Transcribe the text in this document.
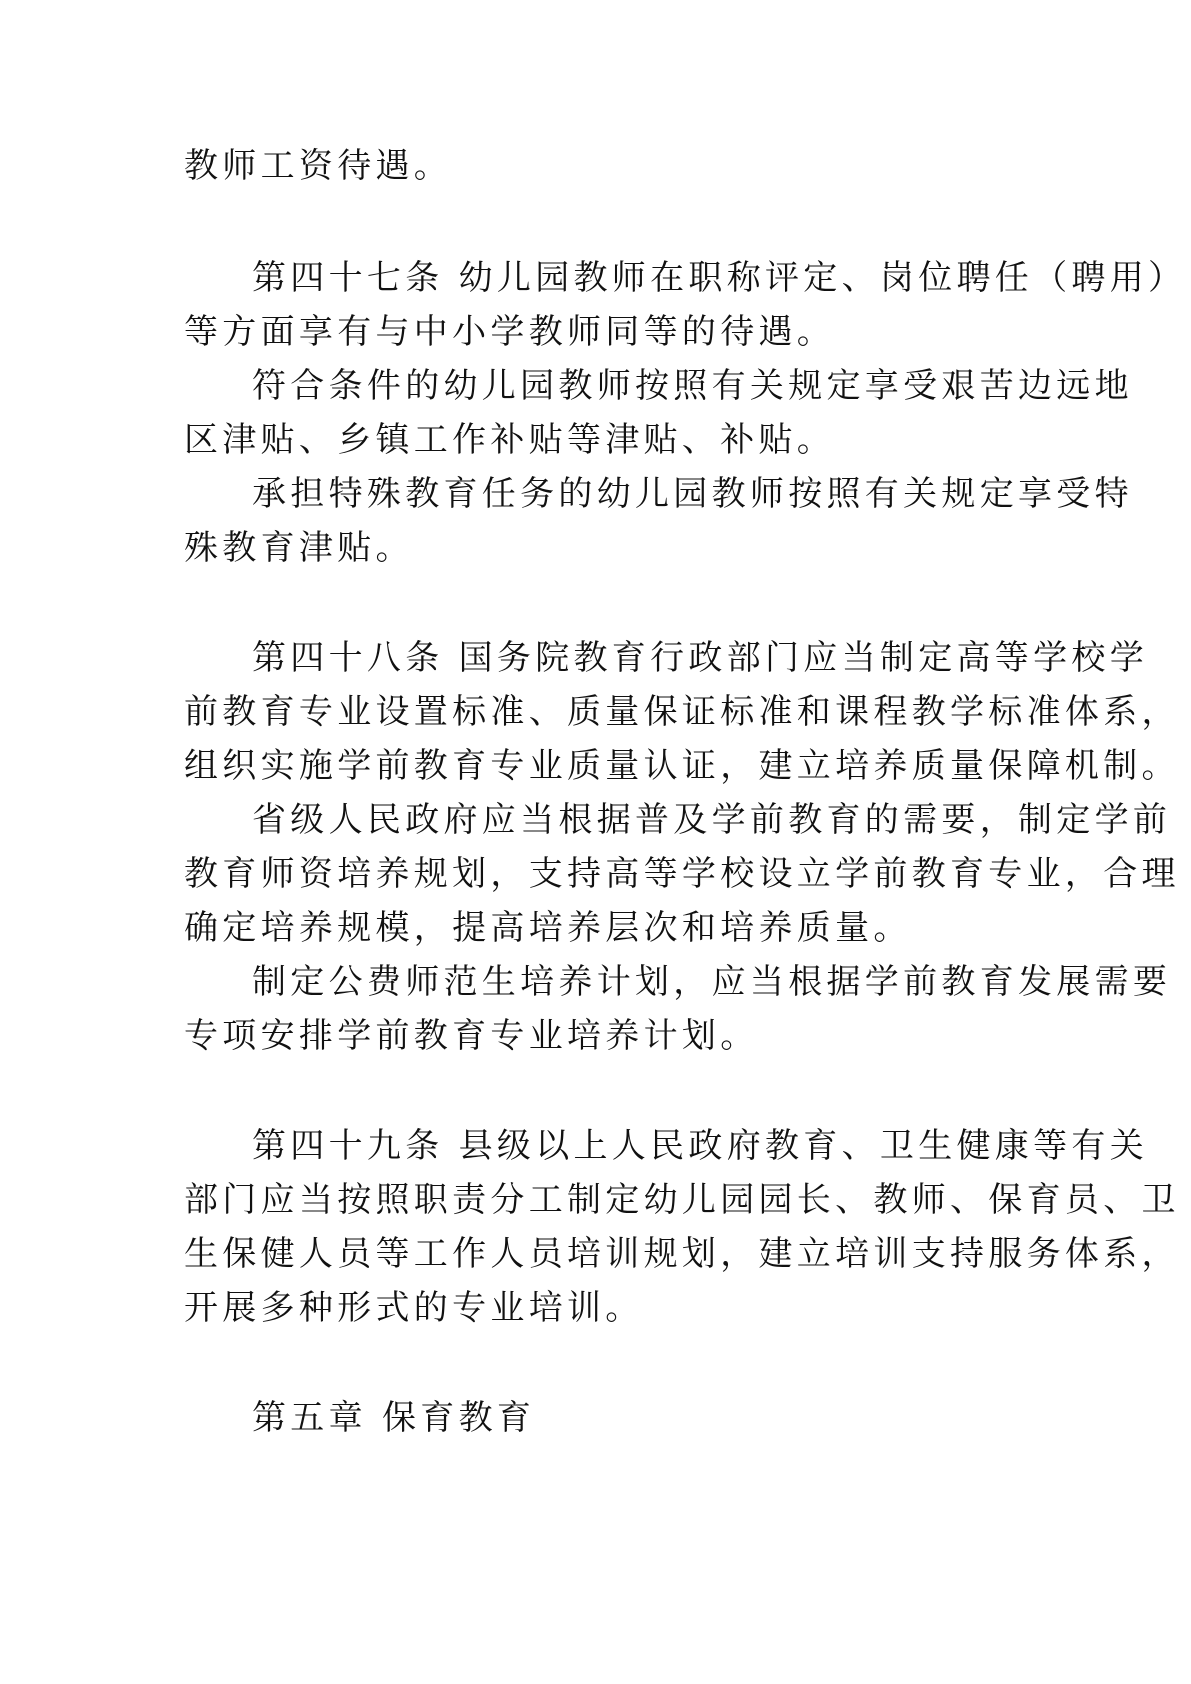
教师工资待遇。
第四十七条 幼儿园教师在职称评定、岗位聘任（聘用）
等方面享有与中小学教师同等的待遇。
符合条件的幼儿园教师按照有关规定享受艰苦边远地
区津贴、乡镇工作补贴等津贴、补贴。
承担特殊教育任务的幼儿园教师按照有关规定享受特
殊教育津贴。
第四十八条 国务院教育行政部门应当制定高等学校学
前教育专业设置标准、质量保证标准和课程教学标准体系，
组织实施学前教育专业质量认证，建立培养质量保障机制。
省级人民政府应当根据普及学前教育的需要，制定学前
教育师资培养规划，支持高等学校设立学前教育专业，合理
确定培养规模，提高培养层次和培养质量。
制定公费师范生培养计划，应当根据学前教育发展需要
专项安排学前教育专业培养计划。
第四十九条 县级以上人民政府教育、卫生健康等有关
部门应当按照职责分工制定幼儿园园长、教师、保育员、卫
生保健人员等工作人员培训规划，建立培训支持服务体系，
开展多种形式的专业培训。
第五章 保育教育
